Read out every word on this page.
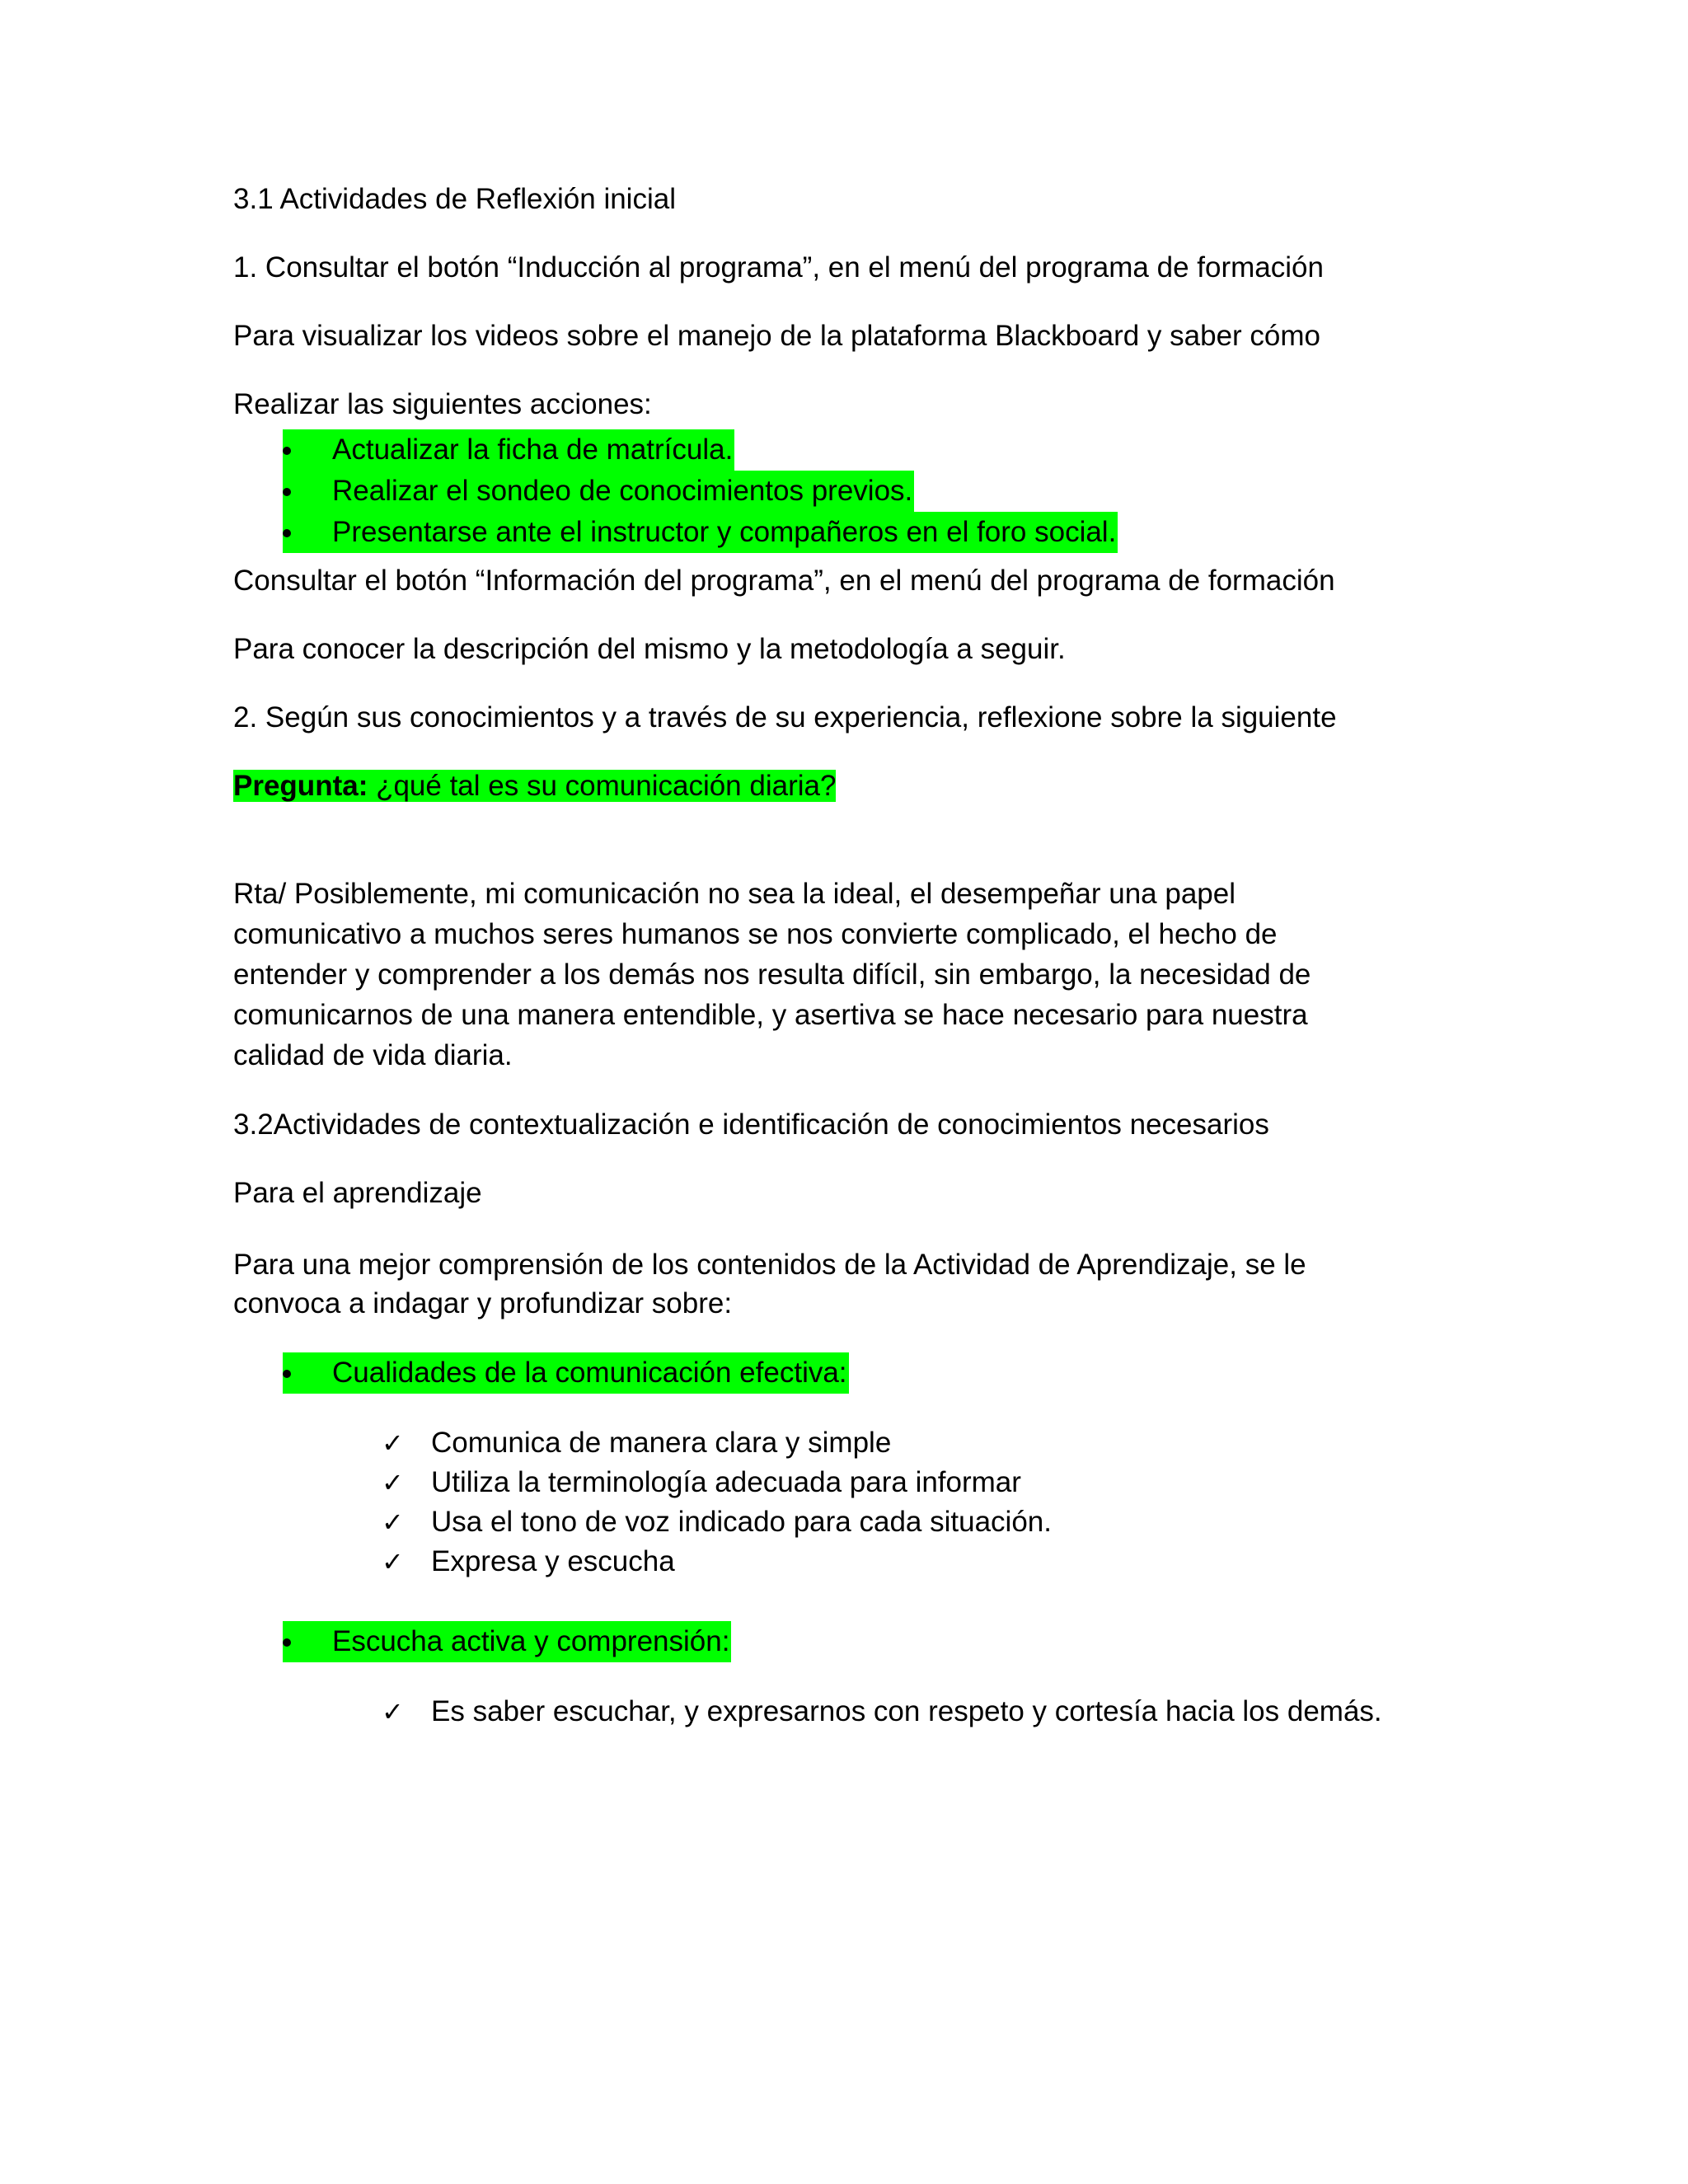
3.1 Actividades de Reflexión inicial

1. Consultar el botón “Inducción al programa”, en el menú del programa de formación

Para visualizar los videos sobre el manejo de la plataforma Blackboard y saber cómo

Realizar las siguientes acciones:

Actualizar la ficha de matrícula.
Realizar el sondeo de conocimientos previos.
Presentarse ante el instructor y compañeros en el foro social.

Consultar el botón “Información del programa”, en el menú del programa de formación

Para conocer la descripción del mismo y la metodología a seguir.

2. Según sus conocimientos y a través de su experiencia, reflexione sobre la siguiente

Pregunta: ¿qué tal es su comunicación diaria?

Rta/ Posiblemente, mi comunicación no sea la ideal, el desempeñar una papel

comunicativo a muchos seres humanos se nos convierte complicado, el hecho de

entender y comprender a los demás nos resulta difícil, sin embargo, la necesidad de

comunicarnos de una manera entendible, y asertiva se hace necesario para nuestra

calidad de vida diaria.

3.2Actividades de contextualización e identificación de conocimientos necesarios

Para el aprendizaje

Para una mejor comprensión de los contenidos de la Actividad de Aprendizaje, se le

convoca a indagar y profundizar sobre:

Cualidades de la comunicación efectiva:
✓ Comunica de manera clara y simple
✓ Utiliza la terminología adecuada para informar
✓ Usa el tono de voz indicado para cada situación.
✓ Expresa y escucha
Escucha activa y comprensión:
✓ Es saber escuchar, y expresarnos con respeto y cortesía hacia los demás.
